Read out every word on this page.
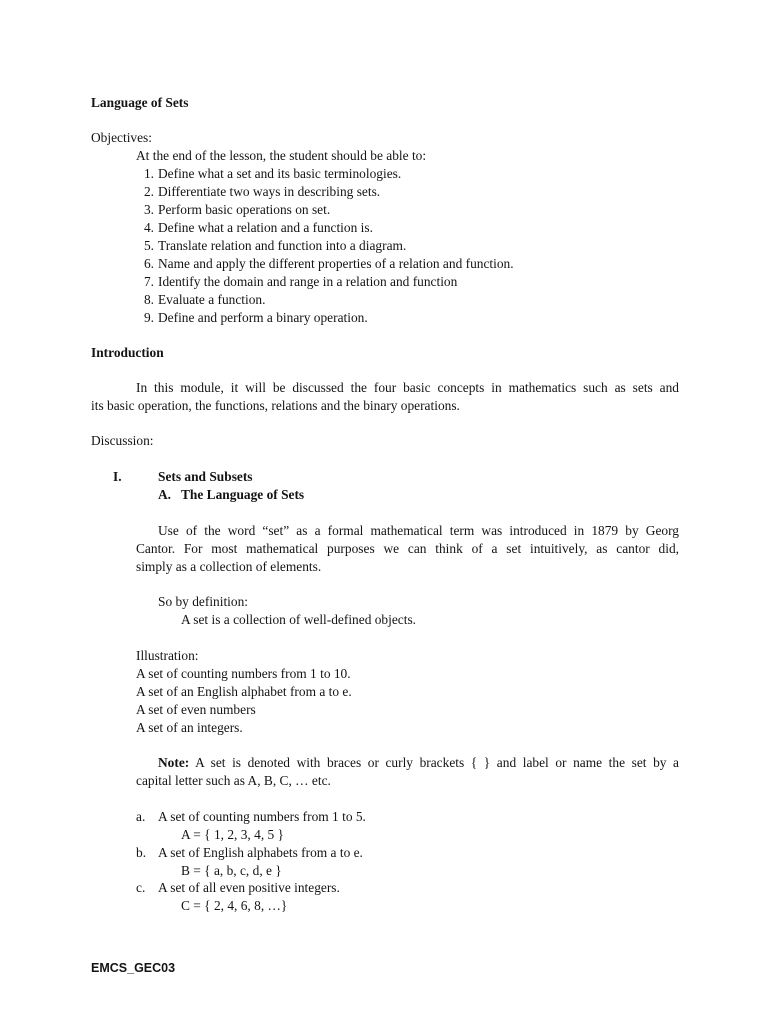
Language of Sets
Objectives:
At the end of the lesson, the student should be able to:
1. Define what a set and its basic terminologies.
2. Differentiate two ways in describing sets.
3. Perform basic operations on set.
4. Define what a relation and a function is.
5. Translate relation and function into a diagram.
6. Name and apply the different properties of a relation and function.
7. Identify the domain and range in a relation and function
8. Evaluate a function.
9. Define and perform a binary operation.
Introduction
In this module, it will be discussed the four basic concepts in mathematics such as sets and
its basic operation, the functions, relations and the binary operations.
Discussion:
I.	Sets and Subsets
A. The Language of Sets
Use of the word “set” as a formal mathematical term was introduced in 1879 by Georg
Cantor. For most mathematical purposes we can think of a set intuitively, as cantor did,
simply as a collection of elements.
So by definition:
A set is a collection of well-defined objects.
Illustration:
A set of counting numbers from 1 to 10.
A set of an English alphabet from a to e.
A set of even numbers
A set of an integers.
Note: A set is denoted with braces or curly brackets { } and label or name the set by a
capital letter such as A, B, C, … etc.
a. A set of counting numbers from 1 to 5.
A = { 1, 2, 3, 4, 5 }
b. A set of English alphabets from a to e.
B = { a, b, c, d, e }
c. A set of all even positive integers.
C = { 2, 4, 6, 8, …}
EMCS_GEC03
